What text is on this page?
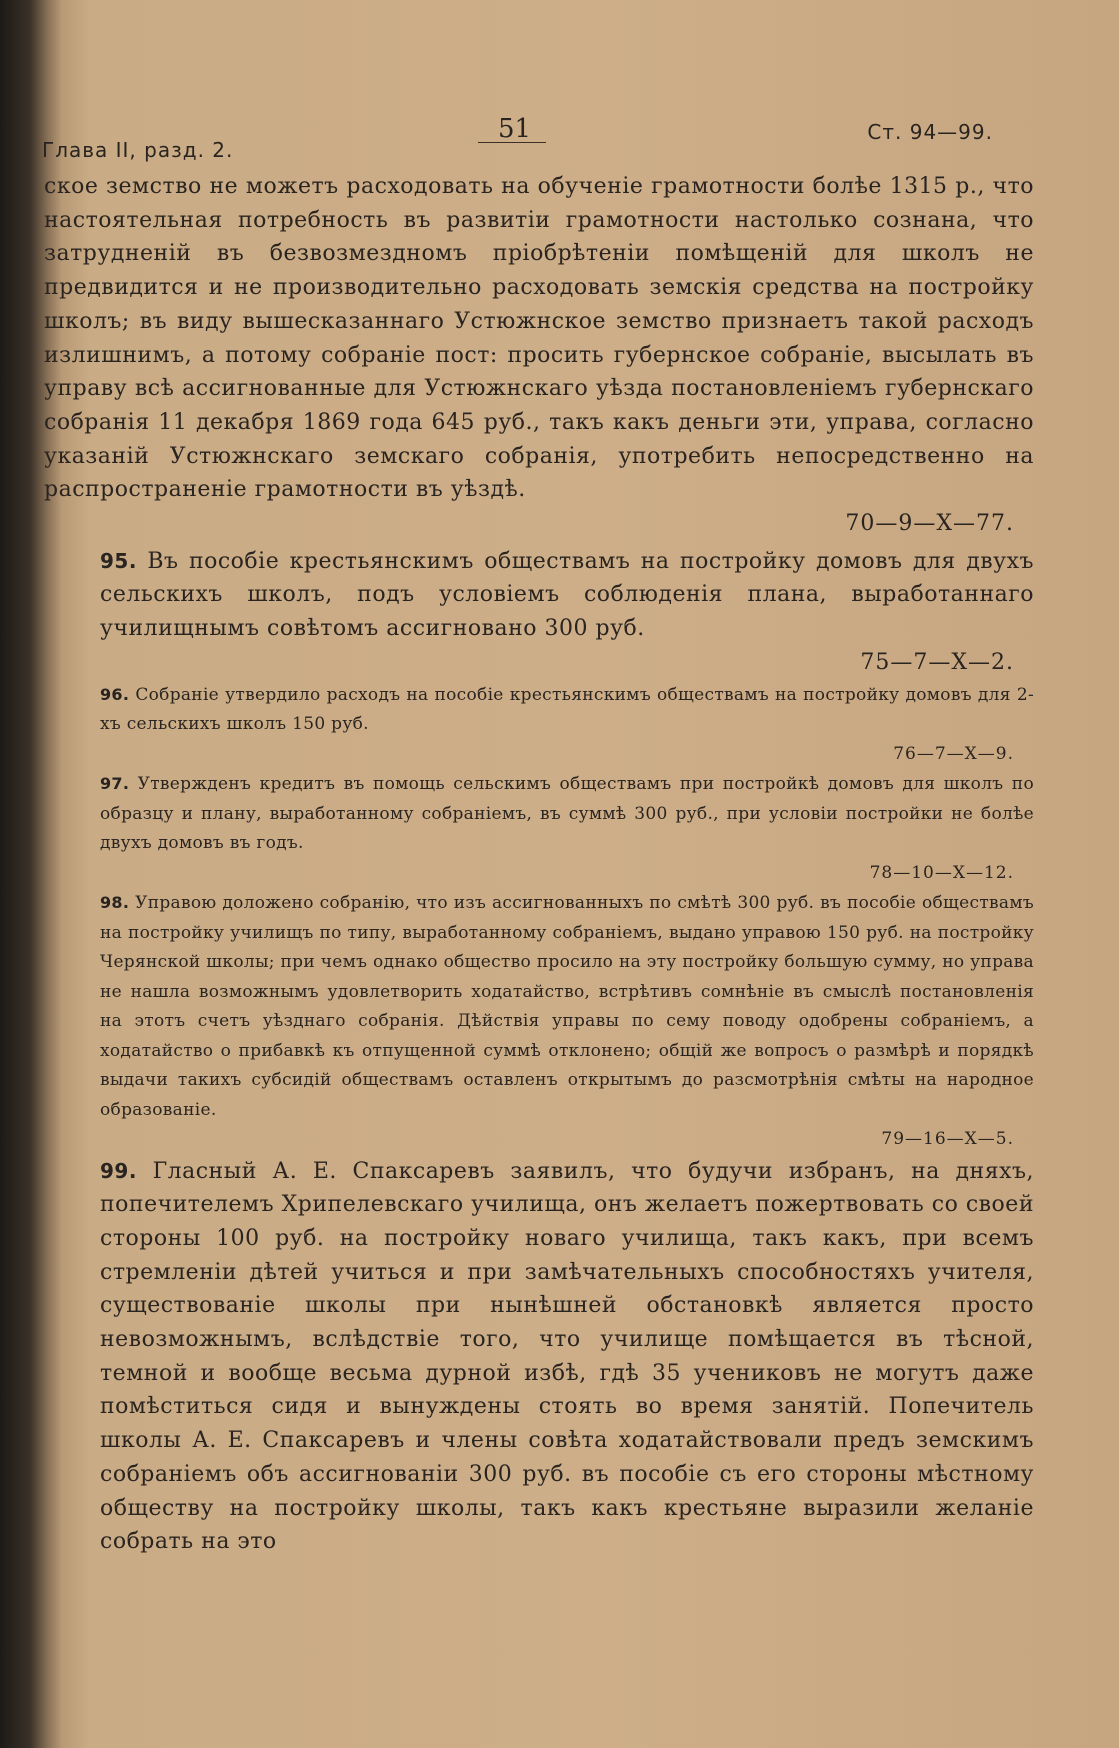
Глава II, разд. 2.
51	Ст. 94—99.

ское земство не можетъ расходовать на обученіе грамотности болѣе 1315 р., что настоятельная потребность въ развитіи грамотности настолько сознана, что затрудненій въ безвозмездномъ пріобрѣтеніи помѣщеній для школъ не предвидится и не производительно расходовать земскія средства на постройку школъ; въ виду вышесказаннаго Устюжнское земство признаетъ такой расходъ излишнимъ, а потому собраніе пост: просить губернское собраніе, высылать въ управу всѣ ассигнованные для Устюжнскаго уѣзда постановленіемъ губернскаго собранія 11 декабря 1869 года 645 руб., такъ какъ деньги эти, управа, согласно указаній Устюжнскаго земскаго собранія, употребить непосредственно на распространеніе грамотности въ уѣздѣ.
70—9—X—77.

95. Въ пособіе крестьянскимъ обществамъ на постройку домовъ для двухъ сельскихъ школъ, подъ условіемъ соблюденія плана, выработаннаго училищнымъ совѣтомъ ассигновано 300 руб.
75—7—X—2.

96. Собраніе утвердило расходъ на пособіе крестьянскимъ обществамъ на постройку домовъ для 2-хъ сельскихъ школъ 150 руб.
76—7—X—9.

97. Утвержденъ кредитъ въ помощь сельскимъ обществамъ при постройкѣ домовъ для школъ по образцу и плану, выработанному собраніемъ, въ суммѣ 300 руб., при условіи постройки не болѣе двухъ домовъ въ годъ.
78—10—X—12.

98. Управою доложено собранію, что изъ ассигнованныхъ по смѣтѣ 300 руб. въ пособіе обществамъ на постройку училищъ по типу, выработанному собраніемъ, выдано управою 150 руб. на постройку Черянской школы; при чемъ однако общество просило на эту постройку большую сумму, но управа не нашла возможнымъ удовлетворить ходатайство, встрѣтивъ сомнѣніе въ смыслѣ постановленія на этотъ счетъ уѣзднаго собранія. Дѣйствія управы по сему поводу одобрены собраніемъ, а ходатайство о прибавкѣ къ отпущенной суммѣ отклонено; общій же вопросъ о размѣрѣ и порядкѣ выдачи такихъ субсидій обществамъ оставленъ открытымъ до разсмотрѣнія смѣты на народное образованіе.
79—16—X—5.

99. Гласный А. Е. Спаксаревъ заявилъ, что будучи избранъ, на дняхъ, попечителемъ Хрипелевскаго училища, онъ желаетъ пожертвовать со своей стороны 100 руб. на постройку новаго училища, такъ какъ, при всемъ стремленіи дѣтей учиться и при замѣчательныхъ способностяхъ учителя, существованіе школы при нынѣшней обстановкѣ является просто невозможнымъ, вслѣдствіе того, что училище помѣщается въ тѣсной, темной и вообще весьма дурной избѣ, гдѣ 35 учениковъ не могутъ даже помѣститься сидя и вынуждены стоять во время занятій. Попечитель школы А. Е. Спаксаревъ и члены совѣта ходатайствовали предъ земскимъ собраніемъ объ ассигнованіи 300 руб. въ пособіе съ его стороны мѣстному обществу на постройку школы, такъ какъ крестьяне выразили желаніе собрать на это
